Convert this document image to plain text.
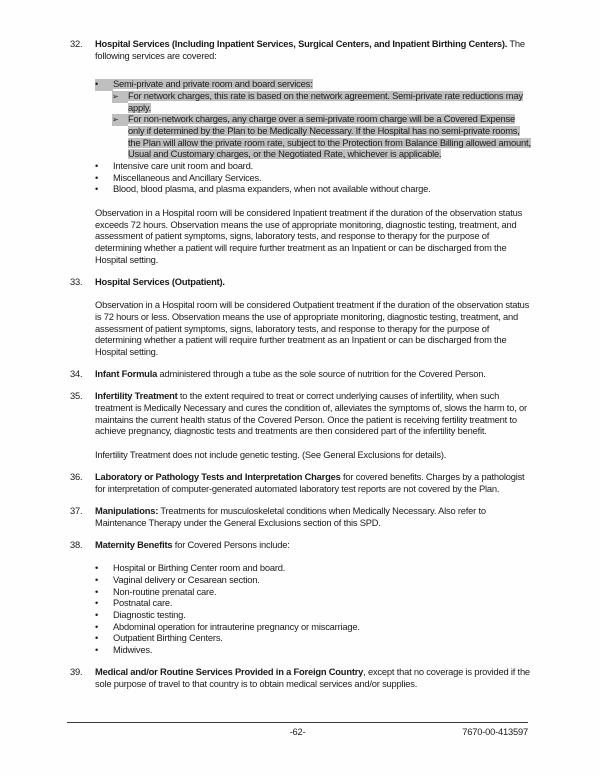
32.	Hospital Services (Including Inpatient Services, Surgical Centers, and Inpatient Birthing Centers). The following services are covered:

•	Semi-private and private room and board services:
➢	For network charges, this rate is based on the network agreement. Semi-private rate reductions may apply.
➢	For non-network charges, any charge over a semi-private room charge will be a Covered Expense only if determined by the Plan to be Medically Necessary. If the Hospital has no semi-private rooms, the Plan will allow the private room rate, subject to the Protection from Balance Billing allowed amount, Usual and Customary charges, or the Negotiated Rate, whichever is applicable.
•	Intensive care unit room and board.
•	Miscellaneous and Ancillary Services.
•	Blood, blood plasma, and plasma expanders, when not available without charge.

Observation in a Hospital room will be considered Inpatient treatment if the duration of the observation status exceeds 72 hours. Observation means the use of appropriate monitoring, diagnostic testing, treatment, and assessment of patient symptoms, signs, laboratory tests, and response to therapy for the purpose of determining whether a patient will require further treatment as an Inpatient or can be discharged from the Hospital setting.

33.	Hospital Services (Outpatient).

Observation in a Hospital room will be considered Outpatient treatment if the duration of the observation status is 72 hours or less. Observation means the use of appropriate monitoring, diagnostic testing, treatment, and assessment of patient symptoms, signs, laboratory tests, and response to therapy for the purpose of determining whether a patient will require further treatment as an Inpatient or can be discharged from the Hospital setting.

34.	Infant Formula administered through a tube as the sole source of nutrition for the Covered Person.

35.	Infertility Treatment to the extent required to treat or correct underlying causes of infertility, when such treatment is Medically Necessary and cures the condition of, alleviates the symptoms of, slows the harm to, or maintains the current health status of the Covered Person. Once the patient is receiving fertility treatment to achieve pregnancy, diagnostic tests and treatments are then considered part of the infertility benefit.

Infertility Treatment does not include genetic testing. (See General Exclusions for details).

36.	Laboratory or Pathology Tests and Interpretation Charges for covered benefits. Charges by a pathologist for interpretation of computer-generated automated laboratory test reports are not covered by the Plan.

37.	Manipulations: Treatments for musculoskeletal conditions when Medically Necessary. Also refer to Maintenance Therapy under the General Exclusions section of this SPD.

38.	Maternity Benefits for Covered Persons include:

•	Hospital or Birthing Center room and board.
•	Vaginal delivery or Cesarean section.
•	Non-routine prenatal care.
•	Postnatal care.
•	Diagnostic testing.
•	Abdominal operation for intrauterine pregnancy or miscarriage.
•	Outpatient Birthing Centers.
•	Midwives.
39.	Medical and/or Routine Services Provided in a Foreign Country, except that no coverage is provided if the sole purpose of travel to that country is to obtain medical services and/or supplies.

-62-	7670-00-413597
